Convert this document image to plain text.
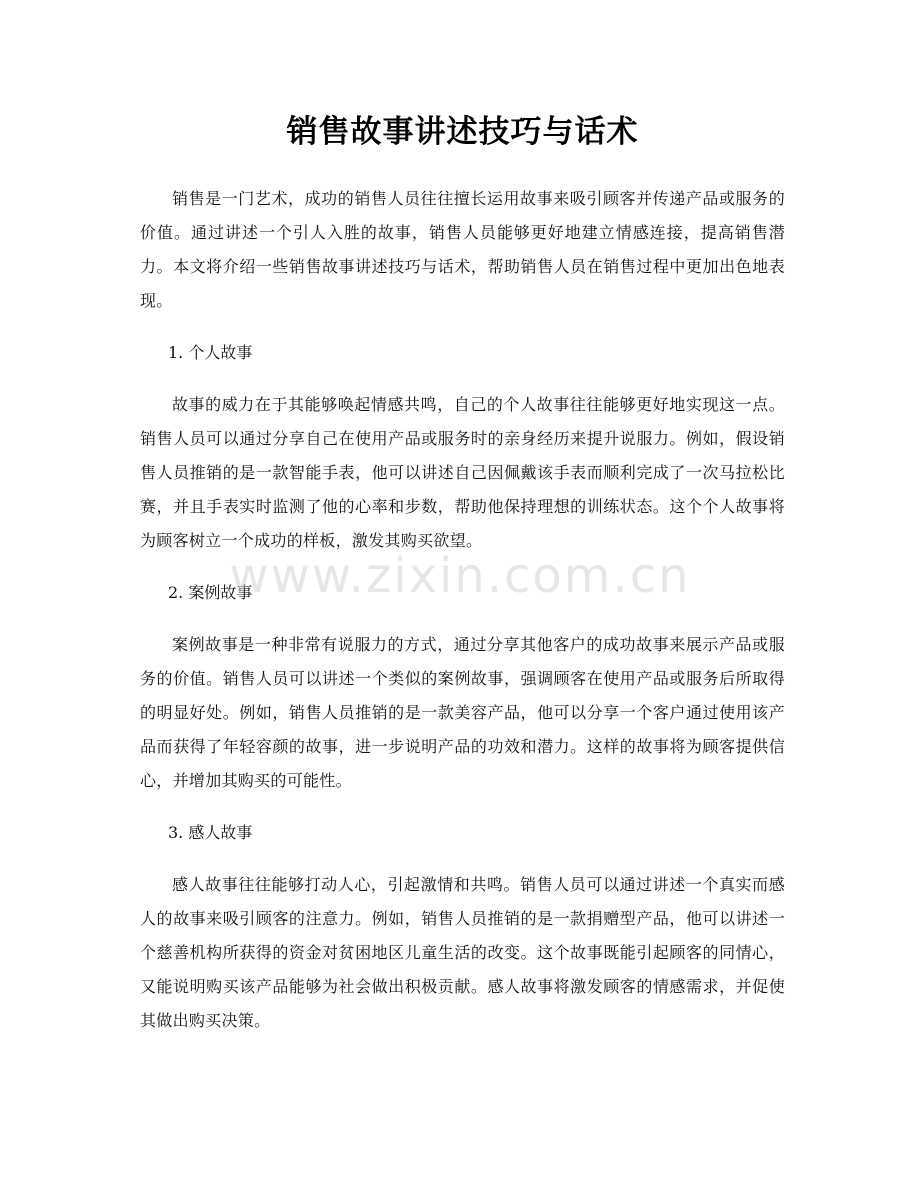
销售故事讲述技巧与话术

销售是一门艺术，成功的销售人员往往擅长运用故事来吸引顾客并传递产品或服务的价值。通过讲述一个引人入胜的故事，销售人员能够更好地建立情感连接，提高销售潜力。本文将介绍一些销售故事讲述技巧与话术，帮助销售人员在销售过程中更加出色地表现。

1. 个人故事

故事的威力在于其能够唤起情感共鸣，自己的个人故事往往能够更好地实现这一点。销售人员可以通过分享自己在使用产品或服务时的亲身经历来提升说服力。例如，假设销售人员推销的是一款智能手表，他可以讲述自己因佩戴该手表而顺利完成了一次马拉松比赛，并且手表实时监测了他的心率和步数，帮助他保持理想的训练状态。这个个人故事将为顾客树立一个成功的样板，激发其购买欲望。

2. 案例故事

案例故事是一种非常有说服力的方式，通过分享其他客户的成功故事来展示产品或服务的价值。销售人员可以讲述一个类似的案例故事，强调顾客在使用产品或服务后所取得的明显好处。例如，销售人员推销的是一款美容产品，他可以分享一个客户通过使用该产品而获得了年轻容颜的故事，进一步说明产品的功效和潜力。这样的故事将为顾客提供信心，并增加其购买的可能性。

3. 感人故事

感人故事往往能够打动人心，引起激情和共鸣。销售人员可以通过讲述一个真实而感人的故事来吸引顾客的注意力。例如，销售人员推销的是一款捐赠型产品，他可以讲述一个慈善机构所获得的资金对贫困地区儿童生活的改变。这个故事既能引起顾客的同情心，又能说明购买该产品能够为社会做出积极贡献。感人故事将激发顾客的情感需求，并促使其做出购买决策。

www.zixin.com.cn
